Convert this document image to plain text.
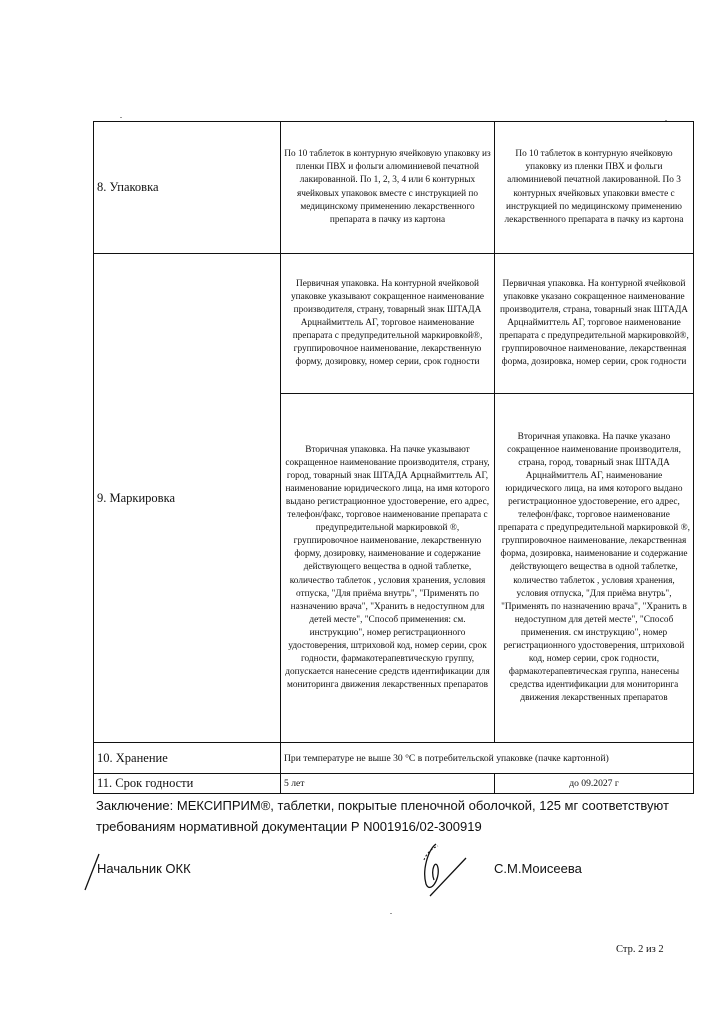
8. Упаковка	По 10 таблеток в контурную ячейковую упаковку из пленки ПВХ и фольги алюминиевой печатной лакированной. По 1, 2, 3, 4 или 6 контурных ячейковых упаковок вместе с инструкцией по медицинскому применению лекарственного препарата в пачку из картона	По 10 таблеток в контурную ячейковую упаковку из пленки ПВХ и фольги алюминиевой печатной лакированной. По 3 контурных ячейковых упаковки вместе с инструкцией по медицинскому применению лекарственного препарата в пачку из картона
9. Маркировка	Первичная упаковка. На контурной ячейковой упаковке указывают сокращенное наименование производителя, страну, товарный знак ШТАДА Арцнаймиттель АГ, торговое наименование препарата с предупредительной маркировкой®, группировочное наименование, лекарственную форму, дозировку, номер серии, срок годности	Первичная упаковка. На контурной ячейковой упаковке указано сокращенное наименование производителя, страна, товарный знак ШТАДА Арцнаймиттель АГ, торговое наименование препарата с предупредительной маркировкой®, группировочное наименование, лекарственная форма, дозировка, номер серии, срок годности
Вторичная упаковка. На пачке указывают сокращенное наименование производителя, страну, город, товарный знак ШТАДА Арцнаймиттель АГ, наименование юридического лица, на имя которого выдано регистрационное удостоверение, его адрес, телефон/факс, торговое наименование препарата с предупредительной маркировкой ®, группировочное наименование, лекарственную форму, дозировку, наименование и содержание действующего вещества в одной таблетке, количество таблеток , условия хранения, условия отпуска, "Для приёма внутрь", "Применять по назначению врача", "Хранить в недоступном для детей месте", "Способ применения: см. инструкцию", номер регистрационного удостоверения, штриховой код, номер серии, срок годности, фармакотерапевтическую группу, допускается нанесение средств идентификации для мониторинга движения лекарственных препаратов	Вторичная упаковка. На пачке указано сокращенное наименование производителя, страна, город, товарный знак ШТАДА Арцнаймиттель АГ, наименование юридического лица, на имя которого выдано регистрационное удостоверение, его адрес, телефон/факс, торговое наименование препарата с предупредительной маркировкой ®, группировочное наименование, лекарственная форма, дозировка, наименование и содержание действующего вещества в одной таблетке, количество таблеток , условия хранения, условия отпуска, "Для приёма внутрь", "Применять по назначению врача", "Хранить в недоступном для детей месте", "Способ применения. см инструкцию", номер регистрационного удостоверения, штриховой код, номер серии, срок годности, фармакотерапевтическая группа, нанесены средства идентификации для мониторинга движения лекарственных препаратов
10. Хранение	При температуре не выше 30 °С в потребительской упаковке (пачке картонной)	
11. Срок годности	5 лет	до 09.2027 г
Заключение: МЕКСИПРИМ®, таблетки, покрытые пленочной оболочкой, 125 мг соответствуют
требованиям нормативной документации Р N001916/02-300919
Начальник ОКК	С.М.Моисеева
Стр. 2 из 2
